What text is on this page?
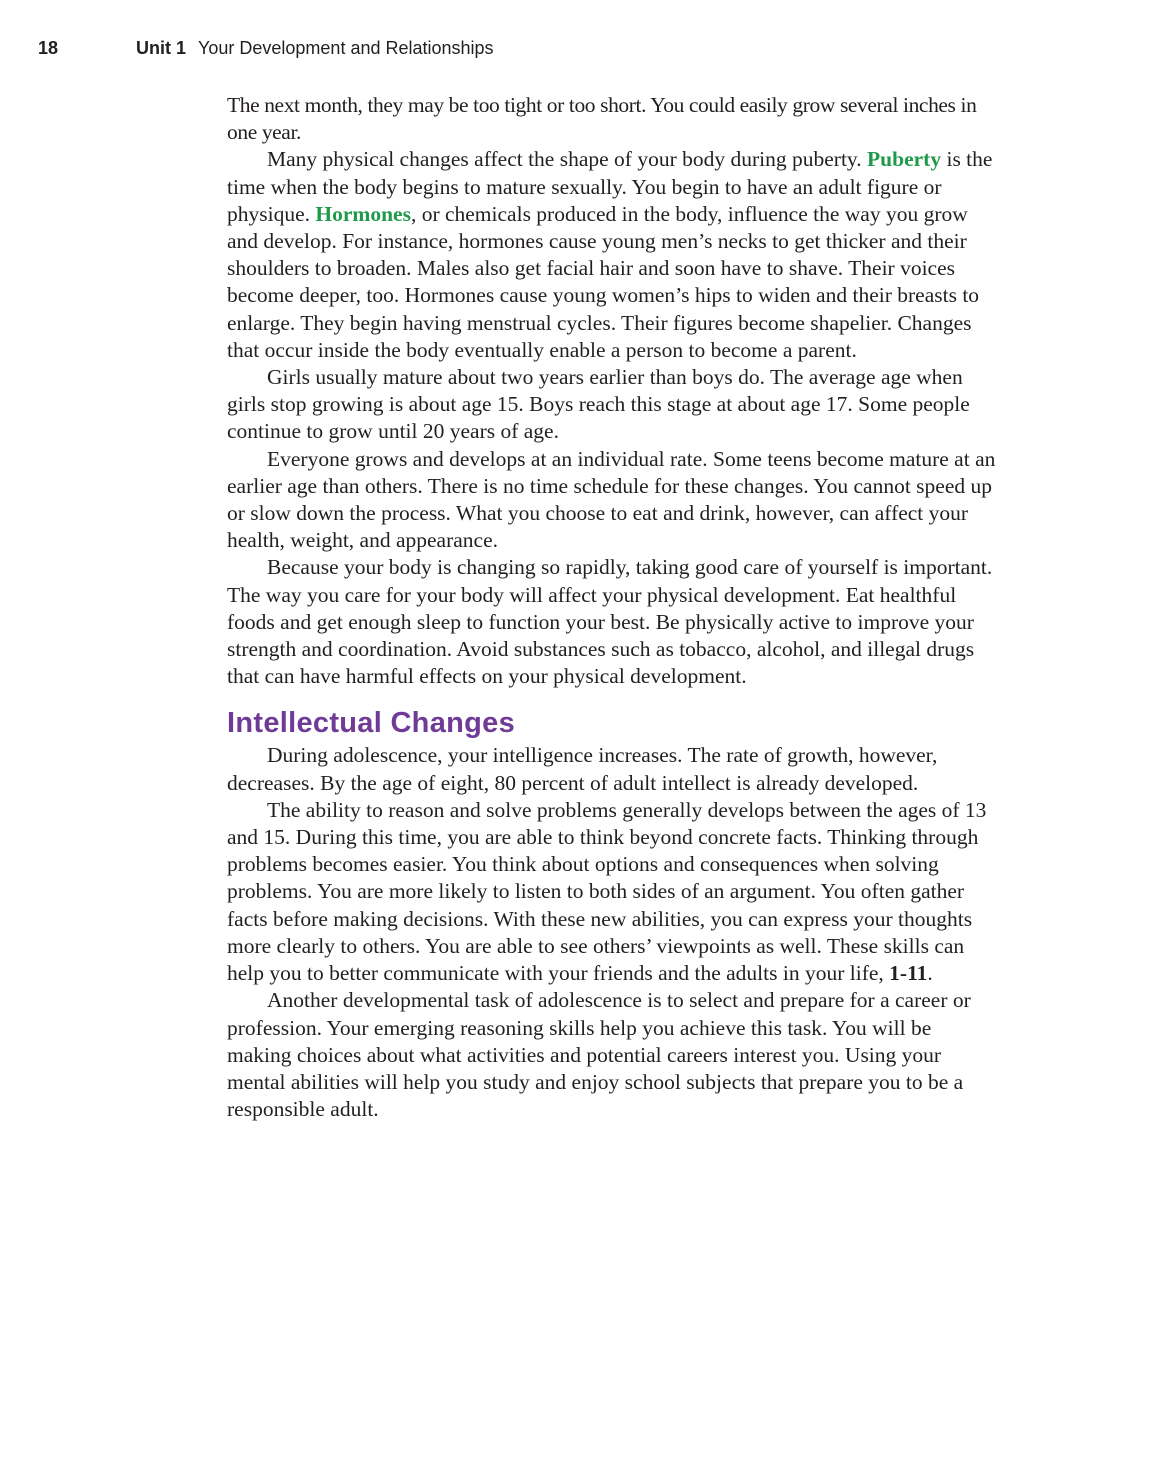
18	Unit 1 Your Development and Relationships

The next month, they may be too tight or too short. You could easily grow several inches in one year.

Many physical changes affect the shape of your body during puberty. Puberty is the time when the body begins to mature sexually. You begin to have an adult figure or physique. Hormones, or chemicals produced in the body, influence the way you grow and develop. For instance, hormones cause young men’s necks to get thicker and their shoulders to broaden. Males also get facial hair and soon have to shave. Their voices become deeper, too. Hormones cause young women’s hips to widen and their breasts to enlarge. They begin having menstrual cycles. Their figures become shapelier. Changes that occur inside the body eventually enable a person to become a parent.

Girls usually mature about two years earlier than boys do. The average age when girls stop growing is about age 15. Boys reach this stage at about age 17. Some people continue to grow until 20 years of age.

Everyone grows and develops at an individual rate. Some teens become mature at an earlier age than others. There is no time schedule for these changes. You cannot speed up or slow down the process. What you choose to eat and drink, however, can affect your health, weight, and appearance.

Because your body is changing so rapidly, taking good care of yourself is important. The way you care for your body will affect your physical development. Eat healthful foods and get enough sleep to function your best. Be physically active to improve your strength and coordination. Avoid substances such as tobacco, alcohol, and illegal drugs that can have harmful effects on your physical development.

Intellectual Changes

During adolescence, your intelligence increases. The rate of growth, however, decreases. By the age of eight, 80 percent of adult intellect is already developed.

The ability to reason and solve problems generally develops between the ages of 13 and 15. During this time, you are able to think beyond concrete facts. Thinking through problems becomes easier. You think about options and consequences when solving problems. You are more likely to listen to both sides of an argument. You often gather facts before making decisions. With these new abilities, you can express your thoughts more clearly to others. You are able to see others’ viewpoints as well. These skills can help you to better communicate with your friends and the adults in your life, 1-11.

Another developmental task of adolescence is to select and prepare for a career or profession. Your emerging reasoning skills help you achieve this task. You will be making choices about what activities and potential careers interest you. Using your mental abilities will help you study and enjoy school subjects that prepare you to be a responsible adult.
